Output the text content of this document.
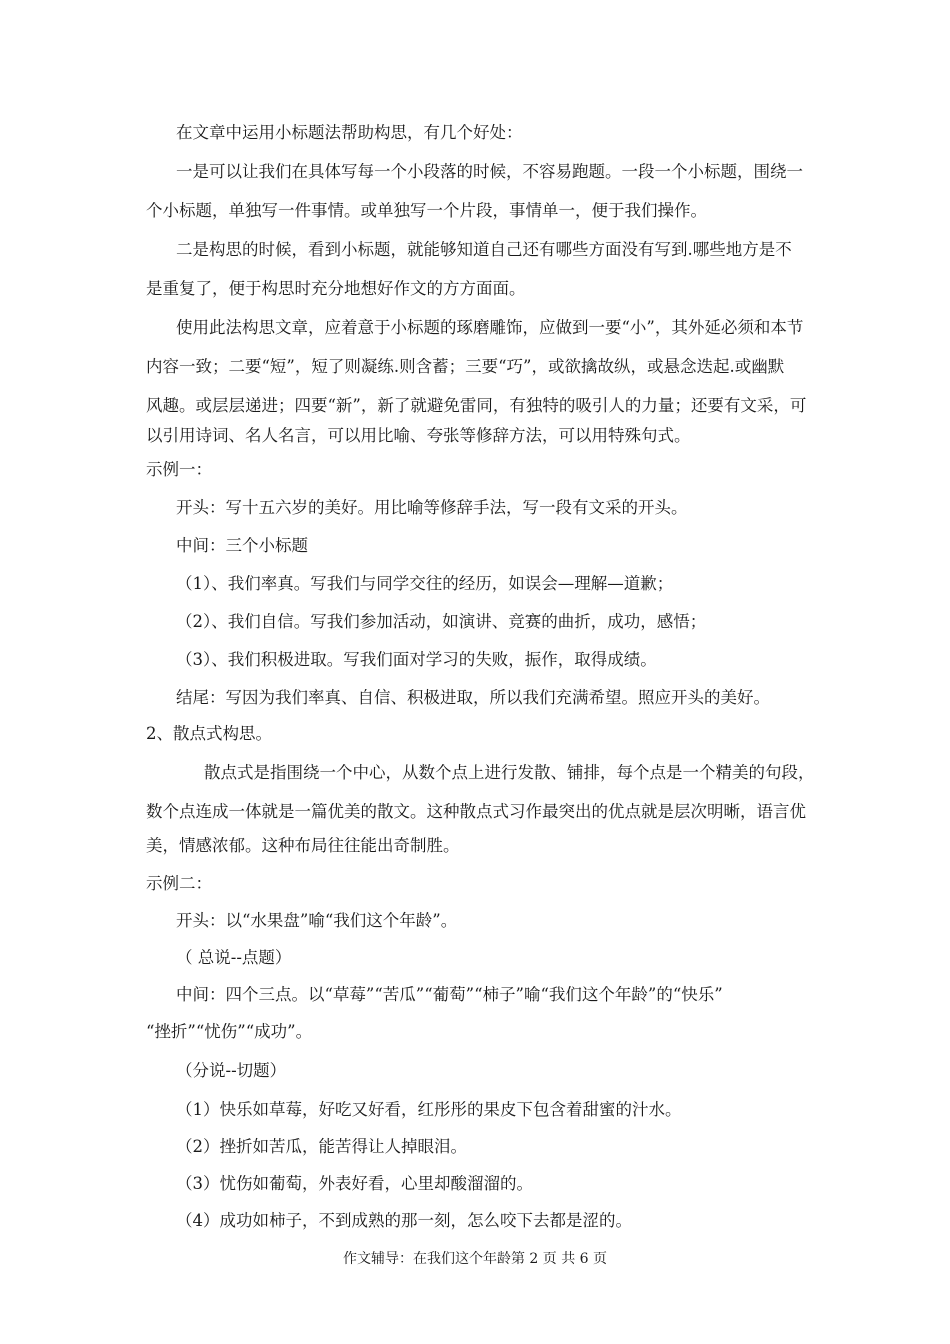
在文章中运用小标题法帮助构思，有几个好处：
一是可以让我们在具体写每一个小段落的时候，不容易跑题。一段一个小标题，围绕一
个小标题，单独写一件事情。或单独写一个片段，事情单一，便于我们操作。
二是构思的时候，看到小标题，就能够知道自己还有哪些方面没有写到.哪些地方是不
是重复了，便于构思时充分地想好作文的方方面面。
使用此法构思文章，应着意于小标题的琢磨雕饰，应做到一要“小”，其外延必须和本节
内容一致；二要“短”，短了则凝练.则含蓄；三要“巧”，或欲擒故纵，或悬念迭起.或幽默
风趣。或层层递进；四要“新”，新了就避免雷同，有独特的吸引人的力量；还要有文采，可
以引用诗词、名人名言，可以用比喻、夸张等修辞方法，可以用特殊句式。
示例一：
开头：写十五六岁的美好。用比喻等修辞手法，写一段有文采的开头。
中间：三个小标题
（1）、我们率真。写我们与同学交往的经历，如误会—理解—道歉；
（2）、我们自信。写我们参加活动，如演讲、竞赛的曲折，成功，感悟；
（3）、我们积极进取。写我们面对学习的失败，振作，取得成绩。
结尾：写因为我们率真、自信、积极进取，所以我们充满希望。照应开头的美好。
2、散点式构思。
散点式是指围绕一个中心，从数个点上进行发散、铺排，每个点是一个精美的句段，
数个点连成一体就是一篇优美的散文。这种散点式习作最突出的优点就是层次明晰，语言优
美，情感浓郁。这种布局往往能出奇制胜。
示例二：
开头：以“水果盘”喻“我们这个年龄”。
（ 总说--点题）
中间：四个三点。以“草莓”“苦瓜”“葡萄”“柿子”喻“我们这个年龄”的“快乐”
“挫折”“忧伤”“成功”。
（分说--切题）
（1）快乐如草莓，好吃又好看，红彤彤的果皮下包含着甜蜜的汁水。
（2）挫折如苦瓜，能苦得让人掉眼泪。
（3）忧伤如葡萄，外表好看，心里却酸溜溜的。
（4）成功如柿子，不到成熟的那一刻，怎么咬下去都是涩的。
作文辅导：在我们这个年龄第 2 页 共 6 页
